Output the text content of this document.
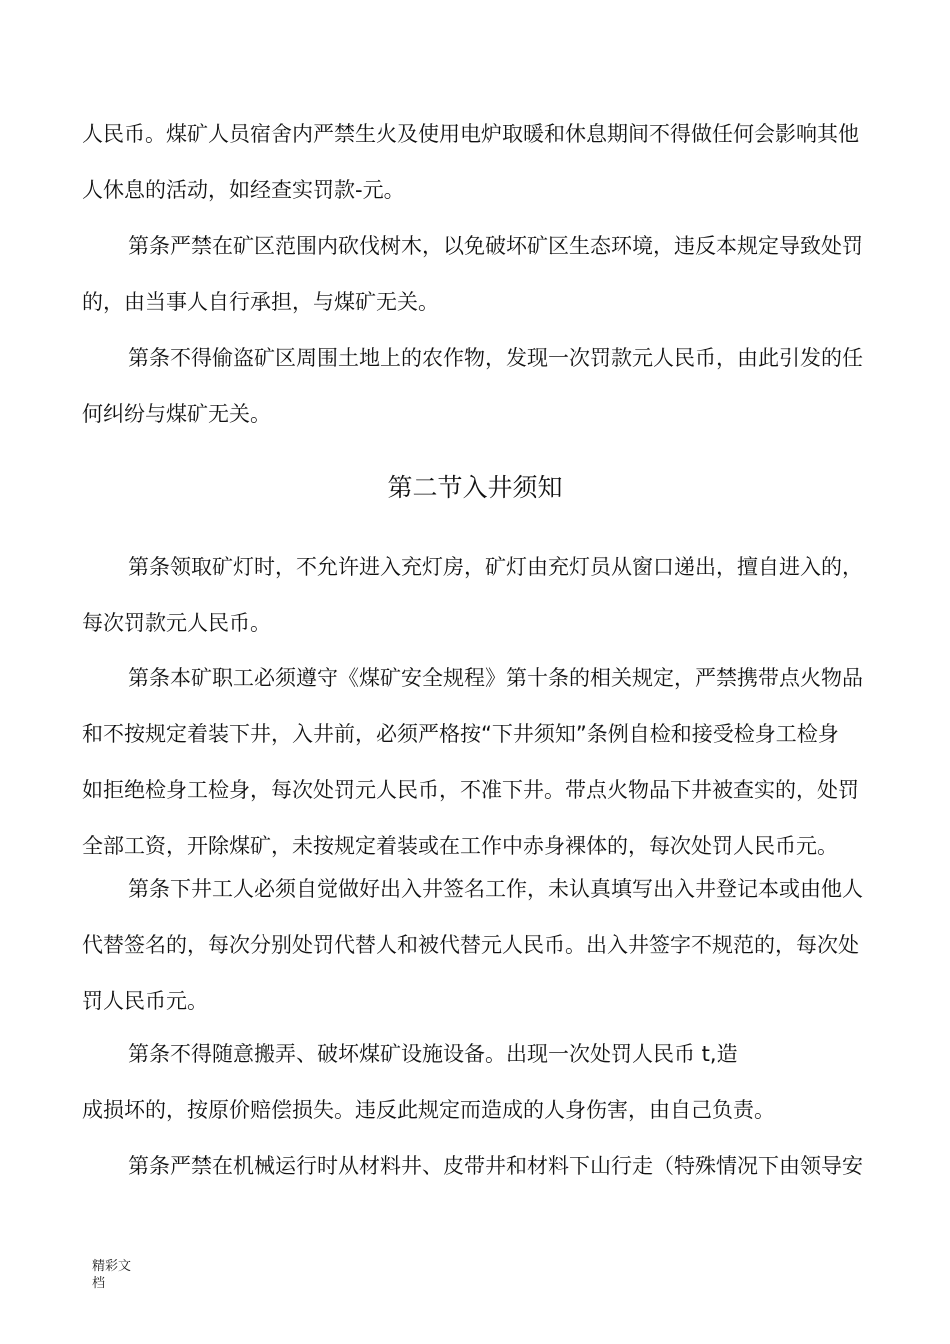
人民币。煤矿人员宿舍内严禁生火及使用电炉取暖和休息期间不得做任何会影响其他
人休息的活动，如经查实罚款-元。
第条严禁在矿区范围内砍伐树木，以免破坏矿区生态环境，违反本规定导致处罚
的，由当事人自行承担，与煤矿无关。
第条不得偷盗矿区周围土地上的农作物，发现一次罚款元人民币，由此引发的任
何纠纷与煤矿无关。
第二节入井须知
第条领取矿灯时，不允许进入充灯房，矿灯由充灯员从窗口递出，擅自进入的，
每次罚款元人民币。
第条本矿职工必须遵守《煤矿安全规程》第十条的相关规定，严禁携带点火物品
和不按规定着装下井，入井前，必须严格按“下井须知”条例自检和接受检身工检身
如拒绝检身工检身，每次处罚元人民币，不准下井。带点火物品下井被查实的，处罚
全部工资，开除煤矿，未按规定着装或在工作中赤身裸体的，每次处罚人民币元。
第条下井工人必须自觉做好出入井签名工作，未认真填写出入井登记本或由他人
代替签名的，每次分别处罚代替人和被代替元人民币。出入井签字不规范的，每次处
罚人民币元。
第条不得随意搬弄、破坏煤矿设施设备。出现一次处罚人民币 t,造
成损坏的，按原价赔偿损失。违反此规定而造成的人身伤害，由自己负责。
第条严禁在机械运行时从材料井、皮带井和材料下山行走（特殊情况下由领导安
精彩文
档
